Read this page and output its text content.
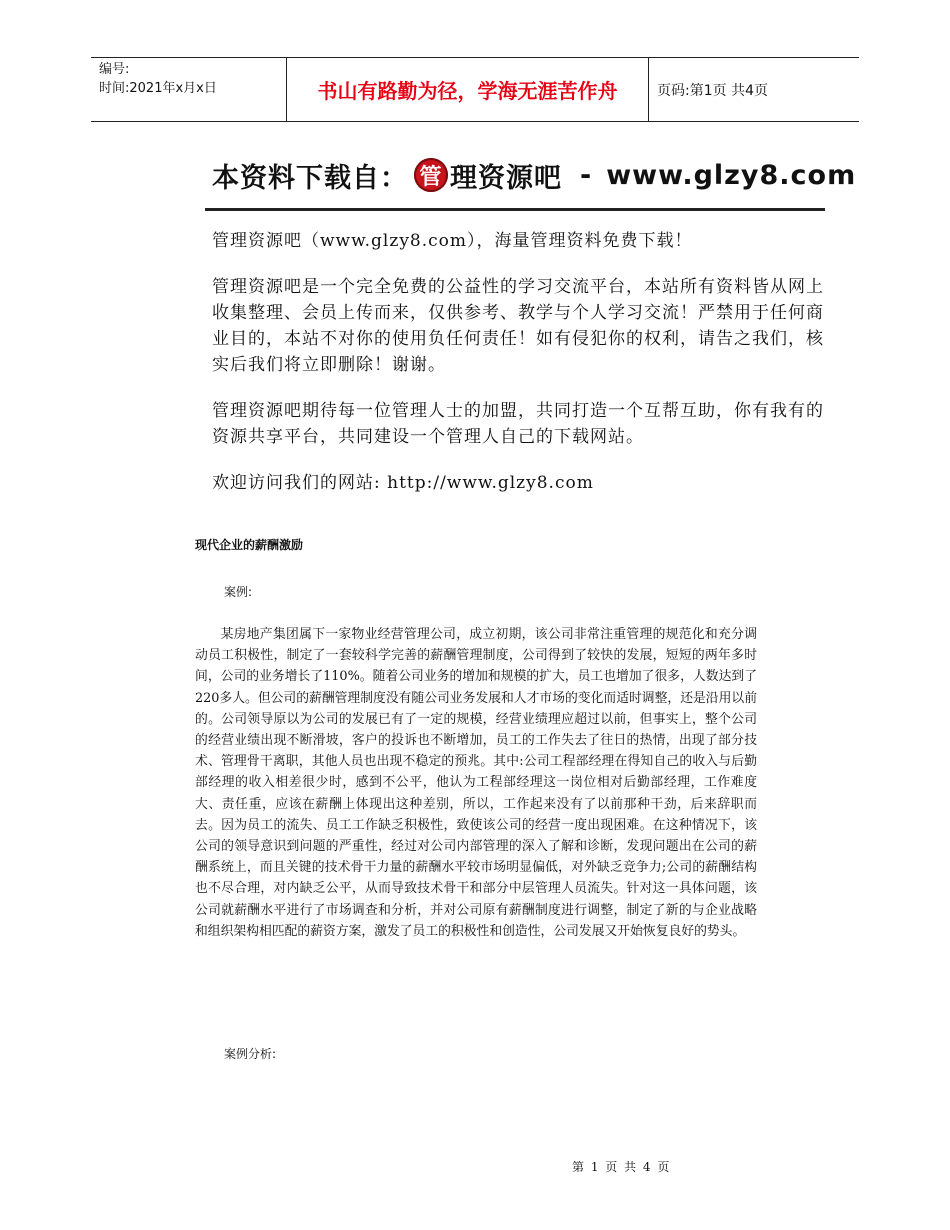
编号:
时间:2021年x月x日	书山有路勤为径，学海无涯苦作舟	页码:第1页 共4页
本资料下载自： 管 理资源吧 - www.glzy8.com

管理资源吧（www.glzy8.com），海量管理资料免费下载！

管理资源吧是一个完全免费的公益性的学习交流平台，本站所有资料皆从网上收集整理、会员上传而来，仅供参考、教学与个人学习交流！严禁用于任何商业目的，本站不对你的使用负任何责任！如有侵犯你的权利，请告之我们，核实后我们将立即删除！谢谢。

管理资源吧期待每一位管理人士的加盟，共同打造一个互帮互助，你有我有的资源共享平台，共同建设一个管理人自己的下载网站。

欢迎访问我们的网站: http://www.glzy8.com

现代企业的薪酬激励
案例:

某房地产集团属下一家物业经营管理公司，成立初期，该公司非常注重管理的规范化和充分调动员工积极性，制定了一套较科学完善的薪酬管理制度，公司得到了较快的发展，短短的两年多时间，公司的业务增长了110%。随着公司业务的增加和规模的扩大，员工也增加了很多，人数达到了220多人。但公司的薪酬管理制度没有随公司业务发展和人才市场的变化而适时调整，还是沿用以前的。公司领导原以为公司的发展已有了一定的规模，经营业绩理应超过以前，但事实上，整个公司的经营业绩出现不断滑坡，客户的投诉也不断增加，员工的工作失去了往日的热情，出现了部分技术、管理骨干离职，其他人员也出现不稳定的预兆。其中:公司工程部经理在得知自己的收入与后勤部经理的收入相差很少时，感到不公平，他认为工程部经理这一岗位相对后勤部经理，工作难度大、责任重，应该在薪酬上体现出这种差别，所以，工作起来没有了以前那种干劲，后来辞职而去。因为员工的流失、员工工作缺乏积极性，致使该公司的经营一度出现困难。在这种情况下，该公司的领导意识到问题的严重性，经过对公司内部管理的深入了解和诊断，发现问题出在公司的薪酬系统上，而且关键的技术骨干力量的薪酬水平较市场明显偏低，对外缺乏竞争力;公司的薪酬结构也不尽合理，对内缺乏公平，从而导致技术骨干和部分中层管理人员流失。针对这一具体问题，该公司就薪酬水平进行了市场调查和分析，并对公司原有薪酬制度进行调整，制定了新的与企业战略和组织架构相匹配的薪资方案，激发了员工的积极性和创造性，公司发展又开始恢复良好的势头。

案例分析:
第 1 页 共 4 页
